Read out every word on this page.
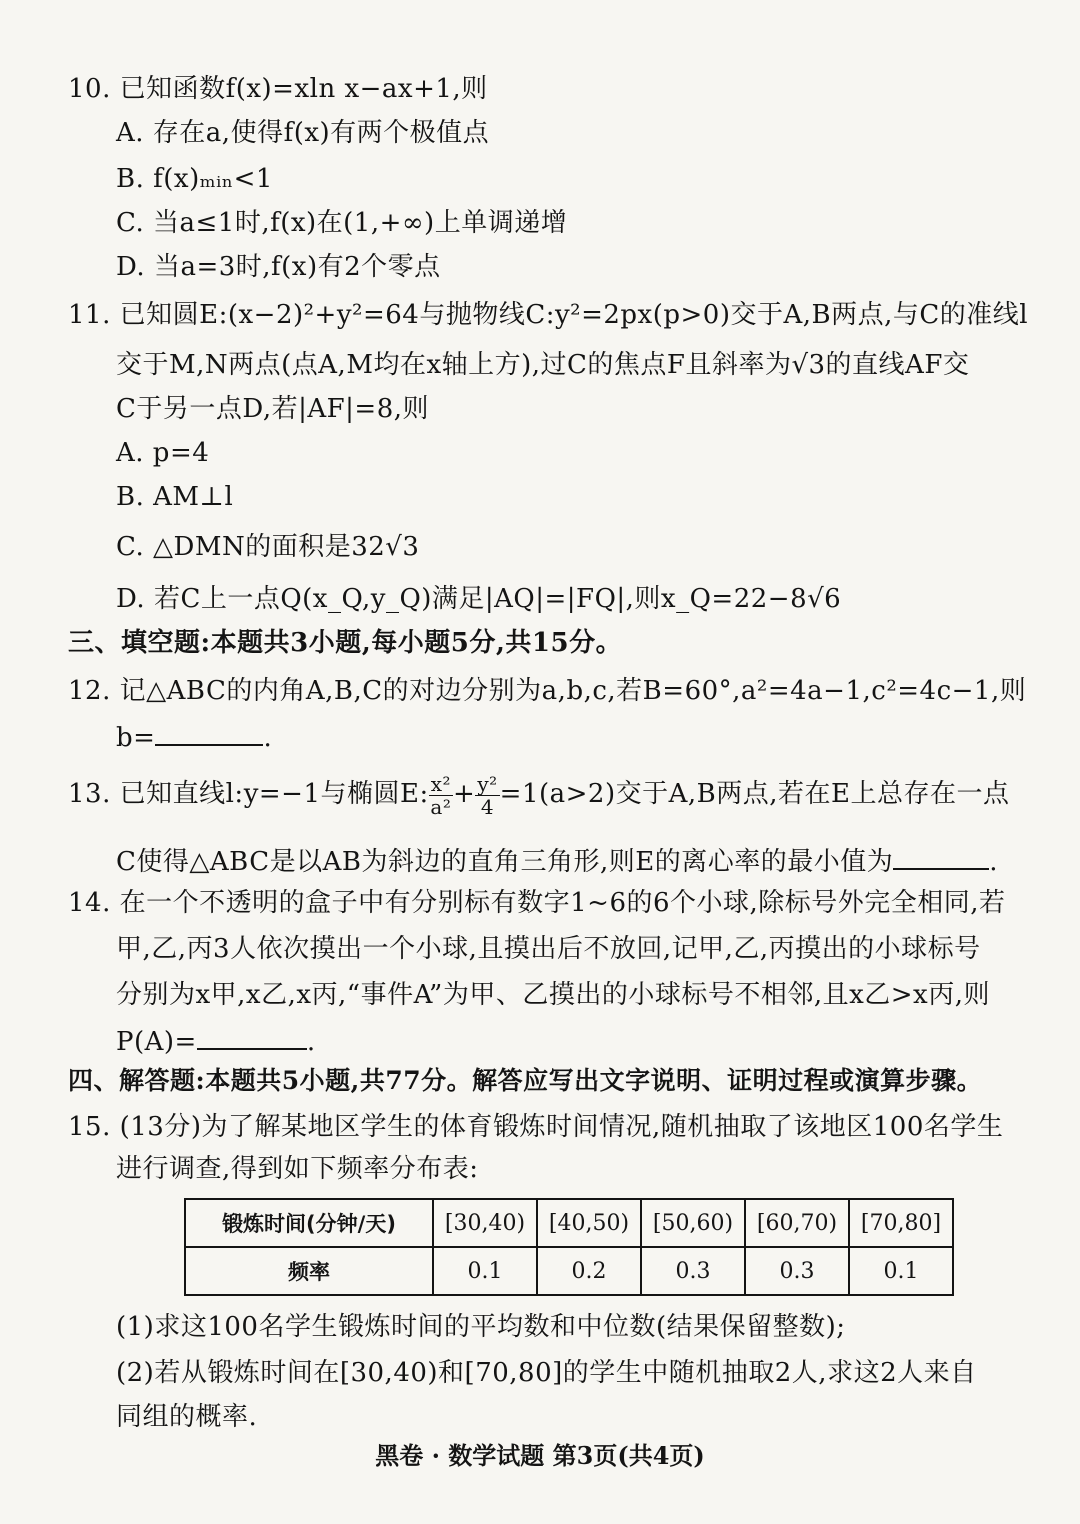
10. 已知函数f(x)=xln x−ax+1,则
A. 存在a,使得f(x)有两个极值点
B. f(x)ₘᵢₙ<1
C. 当a≤1时,f(x)在(1,+∞)上单调递增
D. 当a=3时,f(x)有2个零点
11. 已知圆E:(x−2)²+y²=64与抛物线C:y²=2px(p>0)交于A,B两点,与C的准线l
交于M,N两点(点A,M均在x轴上方),过C的焦点F且斜率为√3的直线AF交
C于另一点D,若|AF|=8,则
A. p=4
B. AM⊥l
C. △DMN的面积是32√3
D. 若C上一点Q(x_Q,y_Q)满足|AQ|=|FQ|,则x_Q=22−8√6
三、填空题:本题共3小题,每小题5分,共15分。
12. 记△ABC的内角A,B,C的对边分别为a,b,c,若B=60°,a²=4a−1,c²=4c−1,则
b=	.
13. 已知直线l:y=−1与椭圆E: $\frac{\text{x²}}{\text{a²}} + \frac{\text{y²}}{4} =1(a>2)$交于A,B两点,若在E上总存在一点
C使得△ABC是以AB为斜边的直角三角形,则E的离心率的最小值为	.
14. 在一个不透明的盒子中有分别标有数字1~6的6个小球,除标号外完全相同,若
甲,乙,丙3人依次摸出一个小球,且摸出后不放回,记甲,乙,丙摸出的小球标号
分别为x甲,x乙,x丙,“事件A”为甲、乙摸出的小球标号不相邻,且x乙>x丙,则
P(A)=	.
四、解答题:本题共5小题,共77分。解答应写出文字说明、证明过程或演算步骤。
15. (13分)为了解某地区学生的体育锻炼时间情况,随机抽取了该地区100名学生
进行调查,得到如下频率分布表:
锻炼时间(分钟/天)	[30,40)	[40,50)	[50,60)	[60,70)	[70,80]
频率	0.1	0.2	0.3	0.3	0.1
(1)求这100名学生锻炼时间的平均数和中位数(结果保留整数);
(2)若从锻炼时间在[30,40)和[70,80]的学生中随机抽取2人,求这2人来自
同组的概率.
黑卷 · 数学试题 第3页(共4页)
